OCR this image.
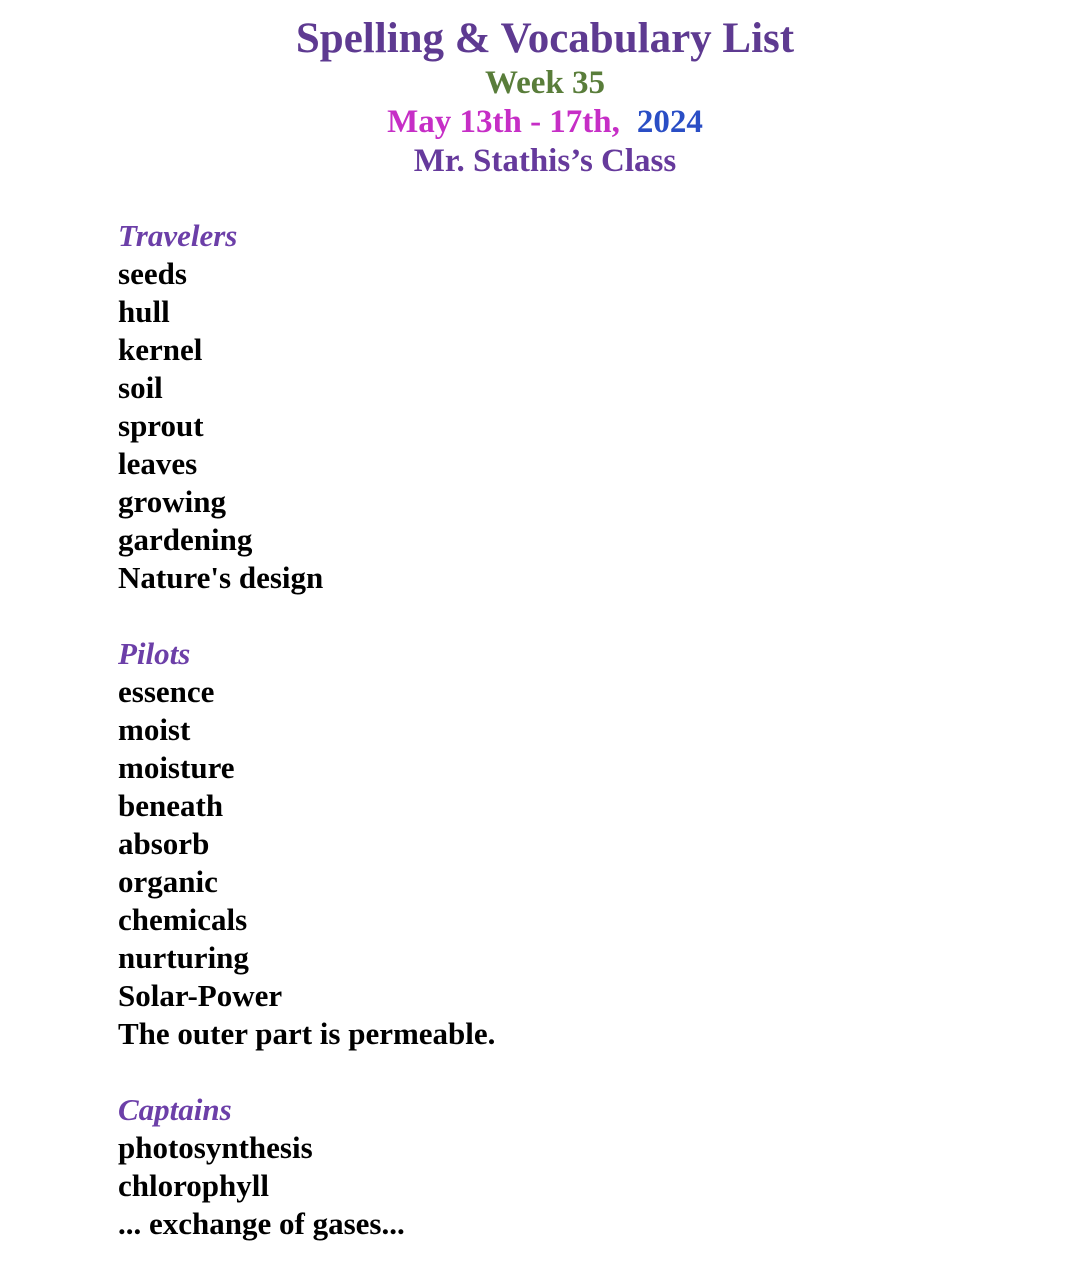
Spelling & Vocabulary List
Week 35
May 13th - 17th, 2024
Mr. Stathis’s Class
Travelers
seeds
hull
kernel
soil
sprout
leaves
growing
gardening
Nature's design
Pilots
essence
moist
moisture
beneath
absorb
organic
chemicals
nurturing
Solar-Power
The outer part is permeable.
Captains
photosynthesis
chlorophyll
... exchange of gases...
